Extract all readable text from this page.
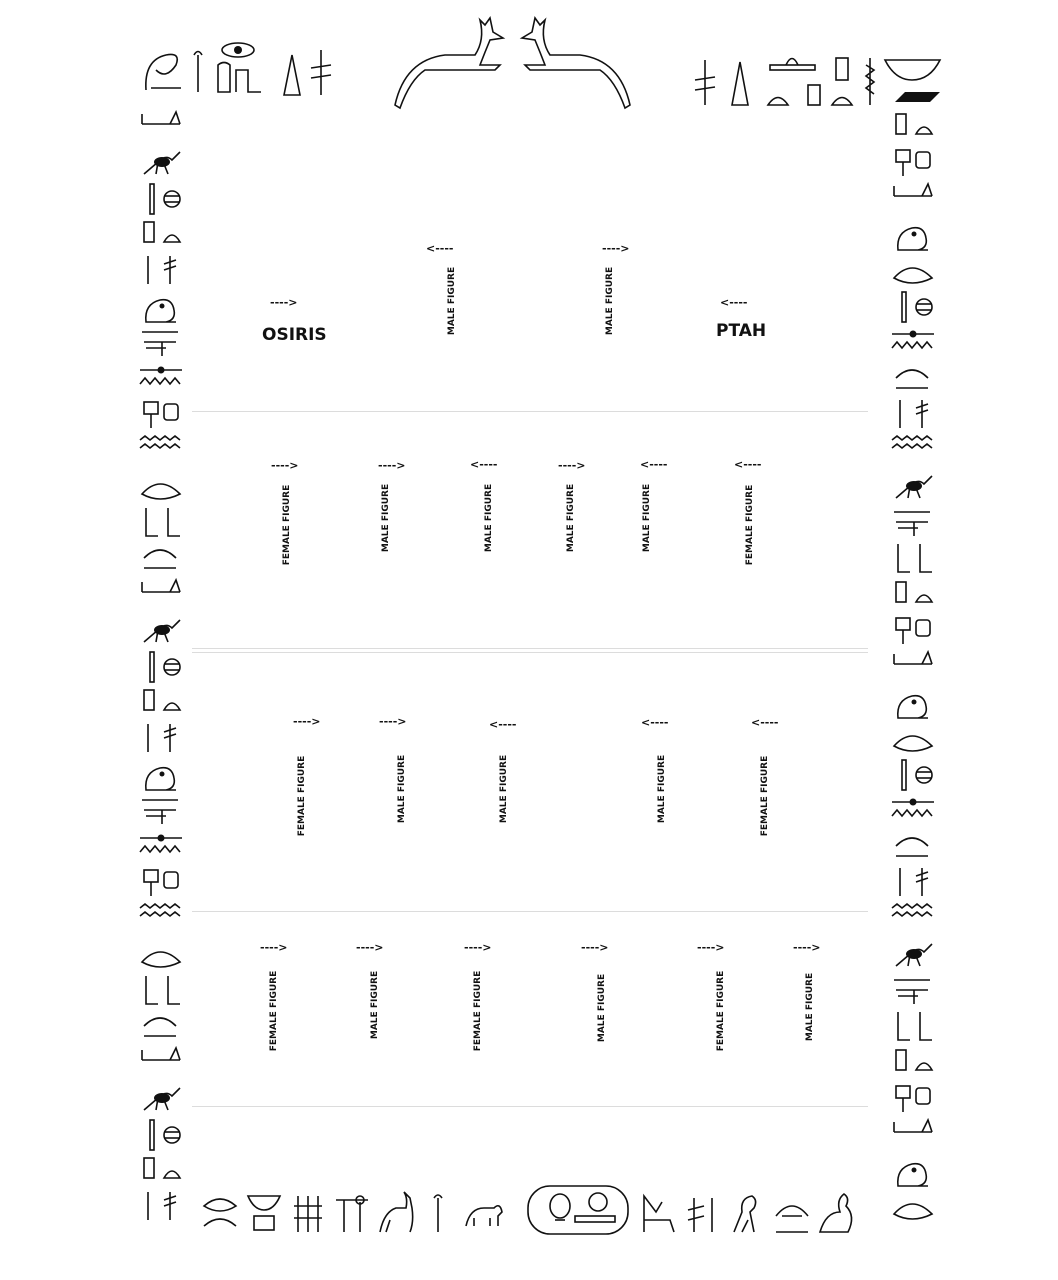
---->
OSIRIS
<----
MALE FIGURE
---->
MALE FIGURE	<----
PTAH
---->
FEMALE FIGURE
---->
MALE FIGURE
<----
MALE FIGURE
---->
MALE FIGURE
<----
MALE FIGURE
<----
FEMALE FIGURE
---->
FEMALE FIGURE
---->
MALE FIGURE
<----
MALE FIGURE
<----
MALE FIGURE
<----
FEMALE FIGURE
---->
FEMALE FIGURE
---->
MALE FIGURE
---->
FEMALE FIGURE
---->
MALE FIGURE
---->
FEMALE FIGURE
---->
MALE FIGURE
